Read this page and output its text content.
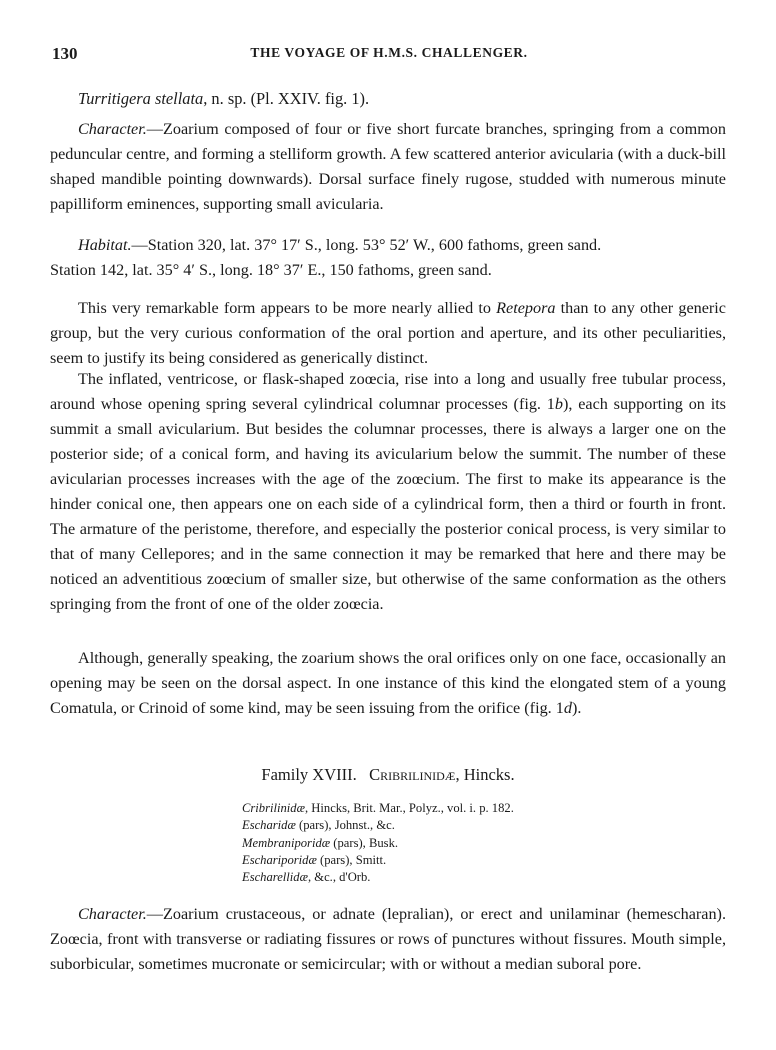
130	THE VOYAGE OF H.M.S. CHALLENGER.

Turritigera stellata, n. sp. (Pl. XXIV. fig. 1).

Character.—Zoarium composed of four or five short furcate branches, springing from a common peduncular centre, and forming a stelliform growth. A few scattered anterior avicularia (with a duck-bill shaped mandible pointing downwards). Dorsal surface finely rugose, studded with numerous minute papilliform eminences, supporting small avicularia.

Habitat.—Station 320, lat. 37° 17′ S., long. 53° 52′ W., 600 fathoms, green sand.

Station 142, lat. 35° 4′ S., long. 18° 37′ E., 150 fathoms, green sand.

This very remarkable form appears to be more nearly allied to Retepora than to any other generic group, but the very curious conformation of the oral portion and aperture, and its other peculiarities, seem to justify its being considered as generically distinct.

The inflated, ventricose, or flask-shaped zoœcia, rise into a long and usually free tubular process, around whose opening spring several cylindrical columnar processes (fig. 1b), each supporting on its summit a small avicularium. But besides the columnar processes, there is always a larger one on the posterior side; of a conical form, and having its avicularium below the summit. The number of these avicularian processes increases with the age of the zoœcium. The first to make its appearance is the hinder conical one, then appears one on each side of a cylindrical form, then a third or fourth in front. The armature of the peristome, therefore, and especially the posterior conical process, is very similar to that of many Cellepores; and in the same connection it may be remarked that here and there may be noticed an adventitious zoœcium of smaller size, but otherwise of the same conformation as the others springing from the front of one of the older zoœcia.

Although, generally speaking, the zoarium shows the oral orifices only on one face, occasionally an opening may be seen on the dorsal aspect. In one instance of this kind the elongated stem of a young Comatula, or Crinoid of some kind, may be seen issuing from the orifice (fig. 1d).

Family XVIII. Cribrilinidæ, Hincks.
Cribrilinidæ, Hincks, Brit. Mar., Polyz., vol. i. p. 182.
Escharidæ (pars), Johnst., &c.
Membraniporidæ (pars), Busk.
Eschariporidæ (pars), Smitt.
Escharellidæ, &c., d'Orb.

Character.—Zoarium crustaceous, or adnate (lepralian), or erect and unilaminar (hemescharan). Zoœcia, front with transverse or radiating fissures or rows of punctures without fissures. Mouth simple, suborbicular, sometimes mucronate or semicircular; with or without a median suboral pore.
